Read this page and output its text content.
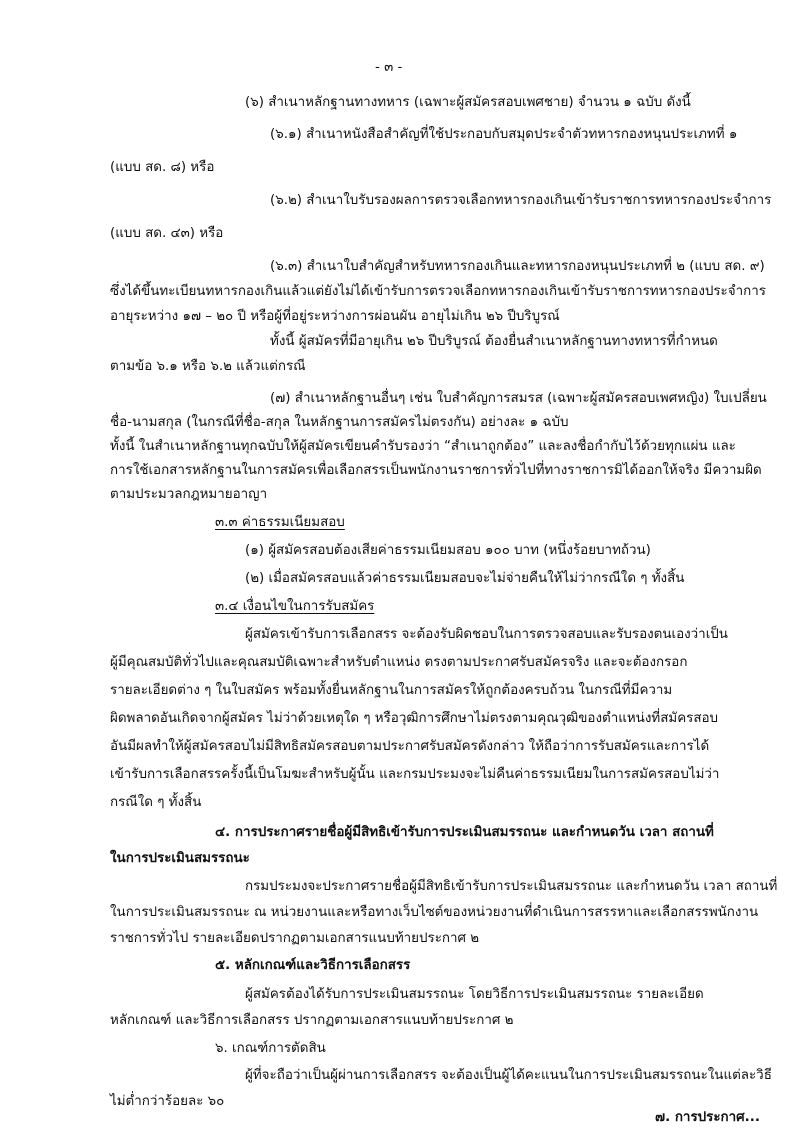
- ๓ -
(๖) สำเนาหลักฐานทางทหาร (เฉพาะผู้สมัครสอบเพศชาย) จำนวน ๑ ฉบับ ดังนี้
(๖.๑) สำเนาหนังสือสำคัญที่ใช้ประกอบกับสมุดประจำตัวทหารกองหนุนประเภทที่ ๑
(แบบ สด. ๘) หรือ
(๖.๒) สำเนาใบรับรองผลการตรวจเลือกทหารกองเกินเข้ารับราชการทหารกองประจำการ
(แบบ สด. ๔๓) หรือ
(๖.๓) สำเนาใบสำคัญสำหรับทหารกองเกินและทหารกองหนุนประเภทที่ ๒ (แบบ สด. ๙)
ซึ่งได้ขึ้นทะเบียนทหารกองเกินแล้วแต่ยังไม่ได้เข้ารับการตรวจเลือกทหารกองเกินเข้ารับราชการทหารกองประจำการ
อายุระหว่าง ๑๗ – ๒๐ ปี หรือผู้ที่อยู่ระหว่างการผ่อนผัน อายุไม่เกิน ๒๖ ปีบริบูรณ์
ทั้งนี้ ผู้สมัครที่มีอายุเกิน ๒๖ ปีบริบูรณ์ ต้องยื่นสำเนาหลักฐานทางทหารที่กำหนด
ตามข้อ ๖.๑ หรือ ๖.๒ แล้วแต่กรณี
(๗) สำเนาหลักฐานอื่นๆ เช่น ใบสำคัญการสมรส (เฉพาะผู้สมัครสอบเพศหญิง) ใบเปลี่ยน
ชื่อ-นามสกุล (ในกรณีที่ชื่อ-สกุล ในหลักฐานการสมัครไม่ตรงกัน) อย่างละ ๑ ฉบับ
ทั้งนี้ ในสำเนาหลักฐานทุกฉบับให้ผู้สมัครเขียนคำรับรองว่า “สำเนาถูกต้อง” และลงชื่อกำกับไว้ด้วยทุกแผ่น และ
การใช้เอกสารหลักฐานในการสมัครเพื่อเลือกสรรเป็นพนักงานราชการทั่วไปที่ทางราชการมิได้ออกให้จริง มีความผิด
ตามประมวลกฎหมายอาญา
๓.๓ ค่าธรรมเนียมสอบ
(๑) ผู้สมัครสอบต้องเสียค่าธรรมเนียมสอบ ๑๐๐ บาท (หนึ่งร้อยบาทถ้วน)
(๒) เมื่อสมัครสอบแล้วค่าธรรมเนียมสอบจะไม่จ่ายคืนให้ไม่ว่ากรณีใด ๆ ทั้งสิ้น
๓.๔ เงื่อนไขในการรับสมัคร
ผู้สมัครเข้ารับการเลือกสรร จะต้องรับผิดชอบในการตรวจสอบและรับรองตนเองว่าเป็น
ผู้มีคุณสมบัติทั่วไปและคุณสมบัติเฉพาะสำหรับตำแหน่ง ตรงตามประกาศรับสมัครจริง และจะต้องกรอก
รายละเอียดต่าง ๆ ในใบสมัคร พร้อมทั้งยื่นหลักฐานในการสมัครให้ถูกต้องครบถ้วน ในกรณีที่มีความ
ผิดพลาดอันเกิดจากผู้สมัคร ไม่ว่าด้วยเหตุใด ๆ หรือวุฒิการศึกษาไม่ตรงตามคุณวุฒิของตำแหน่งที่สมัครสอบ
อันมีผลทำให้ผู้สมัครสอบไม่มีสิทธิสมัครสอบตามประกาศรับสมัครดังกล่าว ให้ถือว่าการรับสมัครและการได้
เข้ารับการเลือกสรรครั้งนี้เป็นโมฆะสำหรับผู้นั้น และกรมประมงจะไม่คืนค่าธรรมเนียมในการสมัครสอบไม่ว่า
กรณีใด ๆ ทั้งสิ้น
๔. การประกาศรายชื่อผู้มีสิทธิเข้ารับการประเมินสมรรถนะ และกำหนดวัน เวลา สถานที่
ในการประเมินสมรรถนะ
กรมประมงจะประกาศรายชื่อผู้มีสิทธิเข้ารับการประเมินสมรรถนะ และกำหนดวัน เวลา สถานที่
ในการประเมินสมรรถนะ ณ หน่วยงานและหรือทางเว็บไซต์ของหน่วยงานที่ดำเนินการสรรหาและเลือกสรรพนักงาน
ราชการทั่วไป รายละเอียดปรากฏตามเอกสารแนบท้ายประกาศ ๒
๕. หลักเกณฑ์และวิธีการเลือกสรร
ผู้สมัครต้องได้รับการประเมินสมรรถนะ โดยวิธีการประเมินสมรรถนะ รายละเอียด
หลักเกณฑ์ และวิธีการเลือกสรร ปรากฏตามเอกสารแนบท้ายประกาศ ๒
๖. เกณฑ์การตัดสิน
ผู้ที่จะถือว่าเป็นผู้ผ่านการเลือกสรร จะต้องเป็นผู้ได้คะแนนในการประเมินสมรรถนะในแต่ละวิธี
ไม่ต่ำกว่าร้อยละ ๖๐
๗. การประกาศ...
